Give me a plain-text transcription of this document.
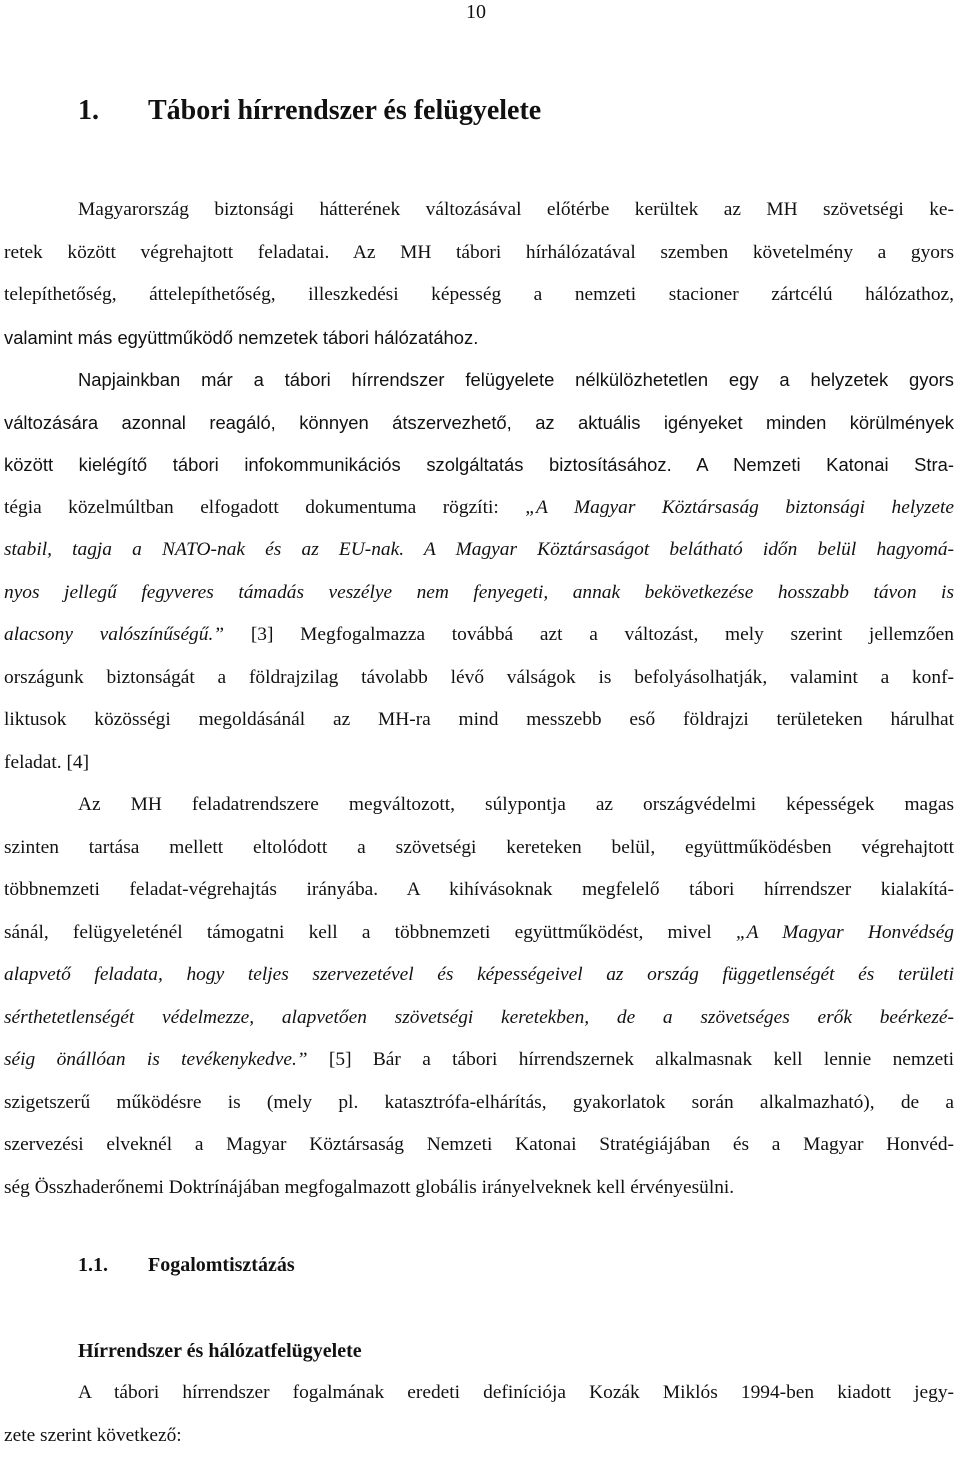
10
1. Tábori hírrendszer és felügyelete
Magyarország biztonsági hátterének változásával előtérbe kerültek az MH szövetségi ke-
retek között végrehajtott feladatai. Az MH tábori hírhálózatával szemben követelmény a gyors
telepíthetőség, áttelepíthetőség, illeszkedési képesség a nemzeti stacioner zártcélú hálózathoz,
valamint más együttműködő nemzetek tábori hálózatához.
Napjainkban már a tábori hírrendszer felügyelete nélkülözhetetlen egy a helyzetek gyors
változására azonnal reagáló, könnyen átszervezhető, az aktuális igényeket minden körülmények
között kielégítő tábori infokommunikációs szolgáltatás biztosításához. A Nemzeti Katonai Stra-
tégia közelmúltban elfogadott dokumentuma rögzíti: „A Magyar Köztársaság biztonsági helyzete
stabil, tagja a NATO-nak és az EU-nak. A Magyar Köztársaságot belátható időn belül hagyomá-
nyos jellegű fegyveres támadás veszélye nem fenyegeti, annak bekövetkezése hosszabb távon is
alacsony valószínűségű.” [3] Megfogalmazza továbbá azt a változást, mely szerint jellemzően
országunk biztonságát a földrajzilag távolabb lévő válságok is befolyásolhatják, valamint a konf-
liktusok közösségi megoldásánál az MH-ra mind messzebb eső földrajzi területeken hárulhat
feladat. [4]
Az MH feladatrendszere megváltozott, súlypontja az országvédelmi képességek magas
szinten tartása mellett eltolódott a szövetségi kereteken belül, együttműködésben végrehajtott
többnemzeti feladat-végrehajtás irányába. A kihívásoknak megfelelő tábori hírrendszer kialakítá-
sánál, felügyeleténél támogatni kell a többnemzeti együttműködést, mivel „A Magyar Honvédség
alapvető feladata, hogy teljes szervezetével és képességeivel az ország függetlenségét és területi
sérthetetlenségét védelmezze, alapvetően szövetségi keretekben, de a szövetséges erők beérkezé-
séig önállóan is tevékenykedve.” [5] Bár a tábori hírrendszernek alkalmasnak kell lennie nemzeti
szigetszerű működésre is (mely pl. katasztrófa-elhárítás, gyakorlatok során alkalmazható), de a
szervezési elveknél a Magyar Köztársaság Nemzeti Katonai Stratégiájában és a Magyar Honvéd-
ség Összhaderőnemi Doktrínájában megfogalmazott globális irányelveknek kell érvényesülni.
1.1. Fogalomtisztázás
Hírrendszer és hálózatfelügyelete
A tábori hírrendszer fogalmának eredeti definíciója Kozák Miklós 1994-ben kiadott jegy-
zete szerint következő:
